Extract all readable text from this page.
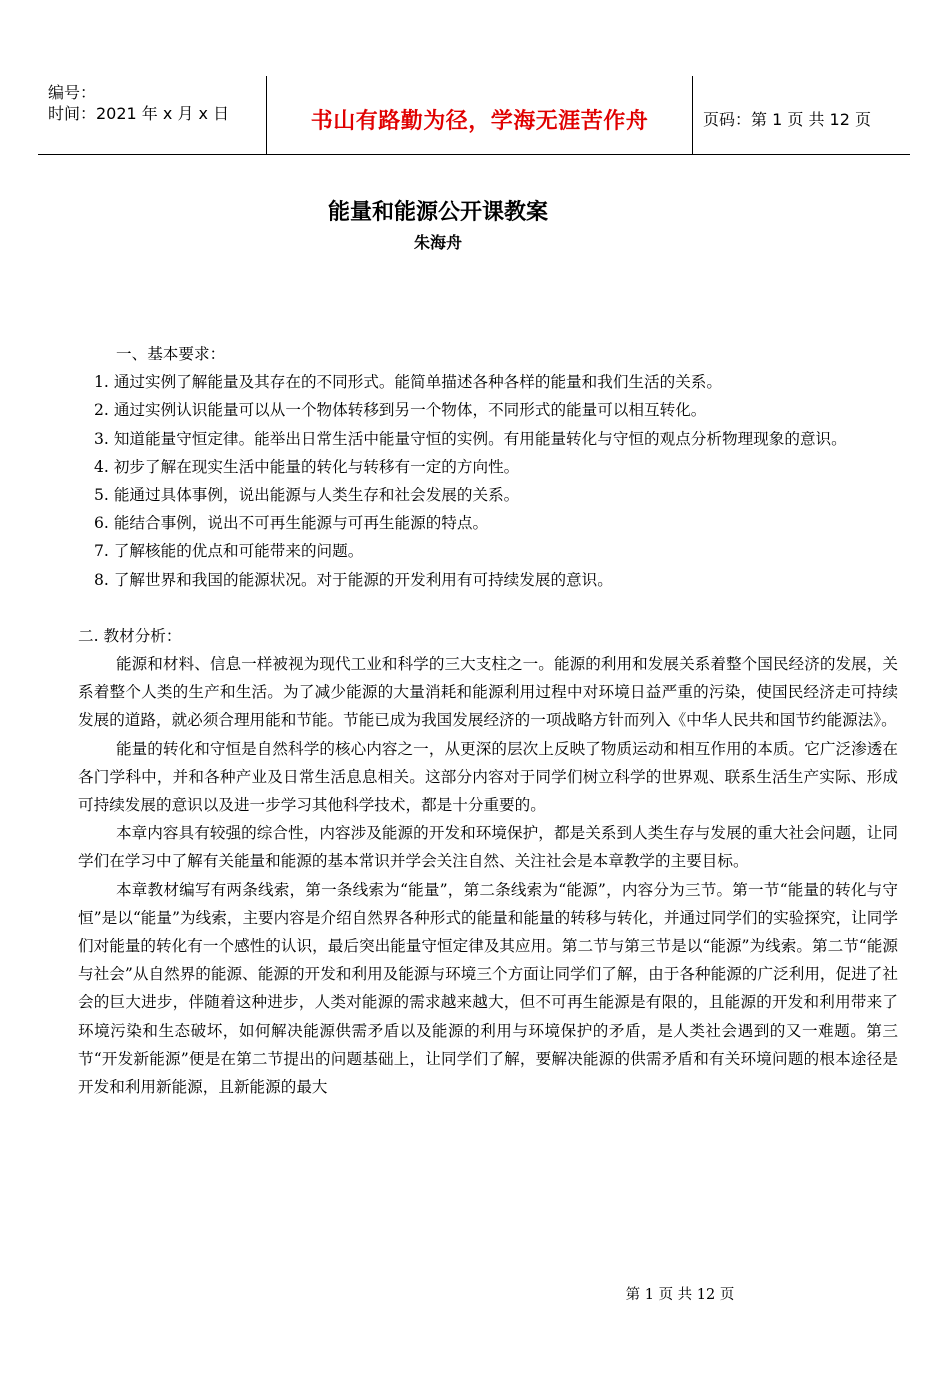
编号：
时间：2021 年 x 月 x 日	书山有路勤为径，学海无涯苦作舟	页码：第 1 页 共 12 页
能量和能源公开课教案
朱海舟

一、基本要求：

1. 通过实例了解能量及其存在的不同形式。能简单描述各种各样的能量和我们生活的关系。

2. 通过实例认识能量可以从一个物体转移到另一个物体，不同形式的能量可以相互转化。

3. 知道能量守恒定律。能举出日常生活中能量守恒的实例。有用能量转化与守恒的观点分析物理现象的意识。

4. 初步了解在现实生活中能量的转化与转移有一定的方向性。

5. 能通过具体事例，说出能源与人类生存和社会发展的关系。

6. 能结合事例，说出不可再生能源与可再生能源的特点。

7. 了解核能的优点和可能带来的问题。

8. 了解世界和我国的能源状况。对于能源的开发利用有可持续发展的意识。

二. 教材分析：

能源和材料、信息一样被视为现代工业和科学的三大支柱之一。能源的利用和发展关系着整个国民经济的发展，关系着整个人类的生产和生活。为了减少能源的大量消耗和能源利用过程中对环境日益严重的污染，使国民经济走可持续发展的道路，就必须合理用能和节能。节能已成为我国发展经济的一项战略方针而列入《中华人民共和国节约能源法》。

能量的转化和守恒是自然科学的核心内容之一，从更深的层次上反映了物质运动和相互作用的本质。它广泛渗透在各门学科中，并和各种产业及日常生活息息相关。这部分内容对于同学们树立科学的世界观、联系生活生产实际、形成可持续发展的意识以及进一步学习其他科学技术，都是十分重要的。

本章内容具有较强的综合性，内容涉及能源的开发和环境保护，都是关系到人类生存与发展的重大社会问题，让同学们在学习中了解有关能量和能源的基本常识并学会关注自然、关注社会是本章教学的主要目标。

本章教材编写有两条线索，第一条线索为“能量”，第二条线索为“能源”，内容分为三节。第一节“能量的转化与守恒”是以“能量”为线索，主要内容是介绍自然界各种形式的能量和能量的转移与转化，并通过同学们的实验探究，让同学们对能量的转化有一个感性的认识，最后突出能量守恒定律及其应用。第二节与第三节是以“能源”为线索。第二节“能源与社会”从自然界的能源、能源的开发和利用及能源与环境三个方面让同学们了解，由于各种能源的广泛利用，促进了社会的巨大进步，伴随着这种进步，人类对能源的需求越来越大，但不可再生能源是有限的，且能源的开发和利用带来了环境污染和生态破坏，如何解决能源供需矛盾以及能源的利用与环境保护的矛盾，是人类社会遇到的又一难题。第三节“开发新能源”便是在第二节提出的问题基础上，让同学们了解，要解决能源的供需矛盾和有关环境问题的根本途径是开发和利用新能源，且新能源的最大

第 1 页 共 12 页
